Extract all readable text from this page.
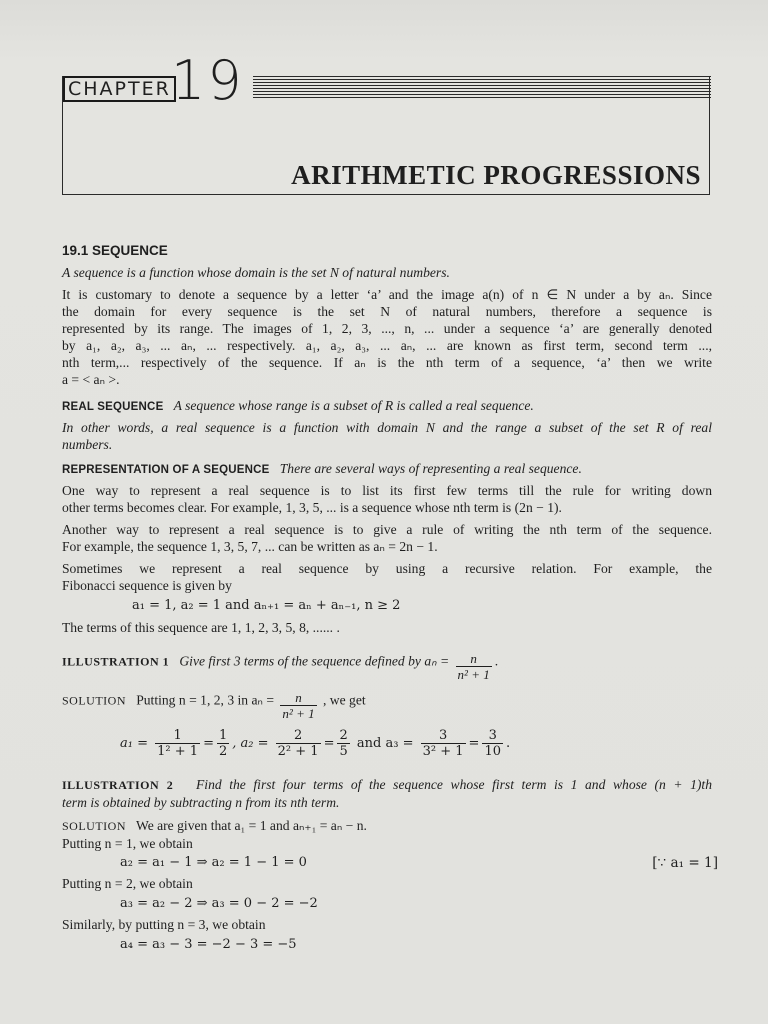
CHAPTER 19
ARITHMETIC PROGRESSIONS
19.1 SEQUENCE
A sequence is a function whose domain is the set N of natural numbers.
It is customary to denote a sequence by a letter ‘a’ and the image a(n) of n ∈ N under a by aₙ. Since
the domain for every sequence is the set N of natural numbers, therefore a sequence is
represented by its range. The images of 1, 2, 3, ..., n, ... under a sequence ‘a’ are generally denoted
by a₁, a₂, a₃, ... aₙ, ... respectively. a₁, a₂, a₃, ... aₙ, ... are known as first term, second term ...,
nth term,... respectively of the sequence. If aₙ is the nth term of a sequence, ‘a’ then we write
a = < aₙ >.
REAL SEQUENCE A sequence whose range is a subset of R is called a real sequence.
In other words, a real sequence is a function with domain N and the range a subset of the set R of real
numbers.
REPRESENTATION OF A SEQUENCE There are several ways of representing a real sequence.
One way to represent a real sequence is to list its first few terms till the rule for writing down
other terms becomes clear. For example, 1, 3, 5, ... is a sequence whose nth term is (2n − 1).
Another way to represent a real sequence is to give a rule of writing the nth term of the sequence.
For example, the sequence 1, 3, 5, 7, ... can be written as aₙ = 2n − 1.
Sometimes we represent a real sequence by using a recursive relation. For example, the
Fibonacci sequence is given by
a₁ = 1, a₂ = 1 and aₙ₊₁ = aₙ + aₙ₋₁, n ≥ 2
The terms of this sequence are 1, 1, 2, 3, 5, 8, ...... .
ILLUSTRATION 1 Give first 3 terms of the sequence defined by $a_n = \frac{n}{\text{n² + 1}}$ .
SOLUTION Putting n = 1, 2, 3 in $a_n = \frac{n}{\text{n² + 1}}$ , we get
$a_1 = \frac{1}{\text{1² + 1}} = \frac{1}{2}$ , $a_2 = \frac{2}{\text{2² + 1}} = \frac{2}{5}$ and $a_3 = \frac{3}{\text{3² + 1}} = \frac{3}{10}$ .
ILLUSTRATION 2 Find the first four terms of the sequence whose first term is 1 and whose (n + 1)th
term is obtained by subtracting n from its nth term.
SOLUTION We are given that a₁ = 1 and aₙ₊₁ = aₙ − n.
Putting n = 1, we obtain
a₂ = a₁ − 1 ⇒ a₂ = 1 − 1 = 0	[∵ a₁ = 1]
Putting n = 2, we obtain
a₃ = a₂ − 2 ⇒ a₃ = 0 − 2 = −2
Similarly, by putting n = 3, we obtain
a₄ = a₃ − 3 = −2 − 3 = −5
